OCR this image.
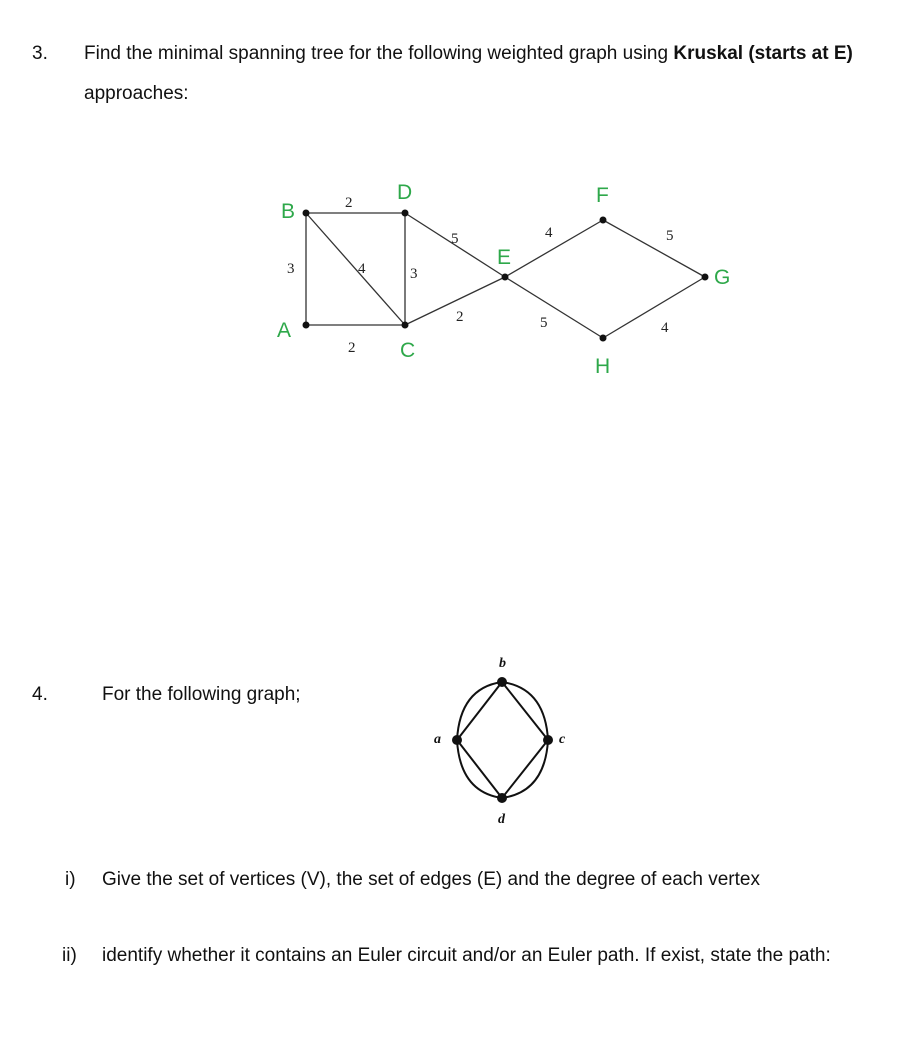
3. Find the minimal spanning tree for the following weighted graph using Kruskal (starts at E)
approaches:
2
3	4	3
2
5
2
4
5
5
4
B
D
A
C
E
F
G
H
4.	For the following graph;
a
b
c
d
i) Give the set of vertices (V), the set of edges (E) and the degree of each vertex
ii) identify whether it contains an Euler circuit and/or an Euler path. If exist, state the path:
